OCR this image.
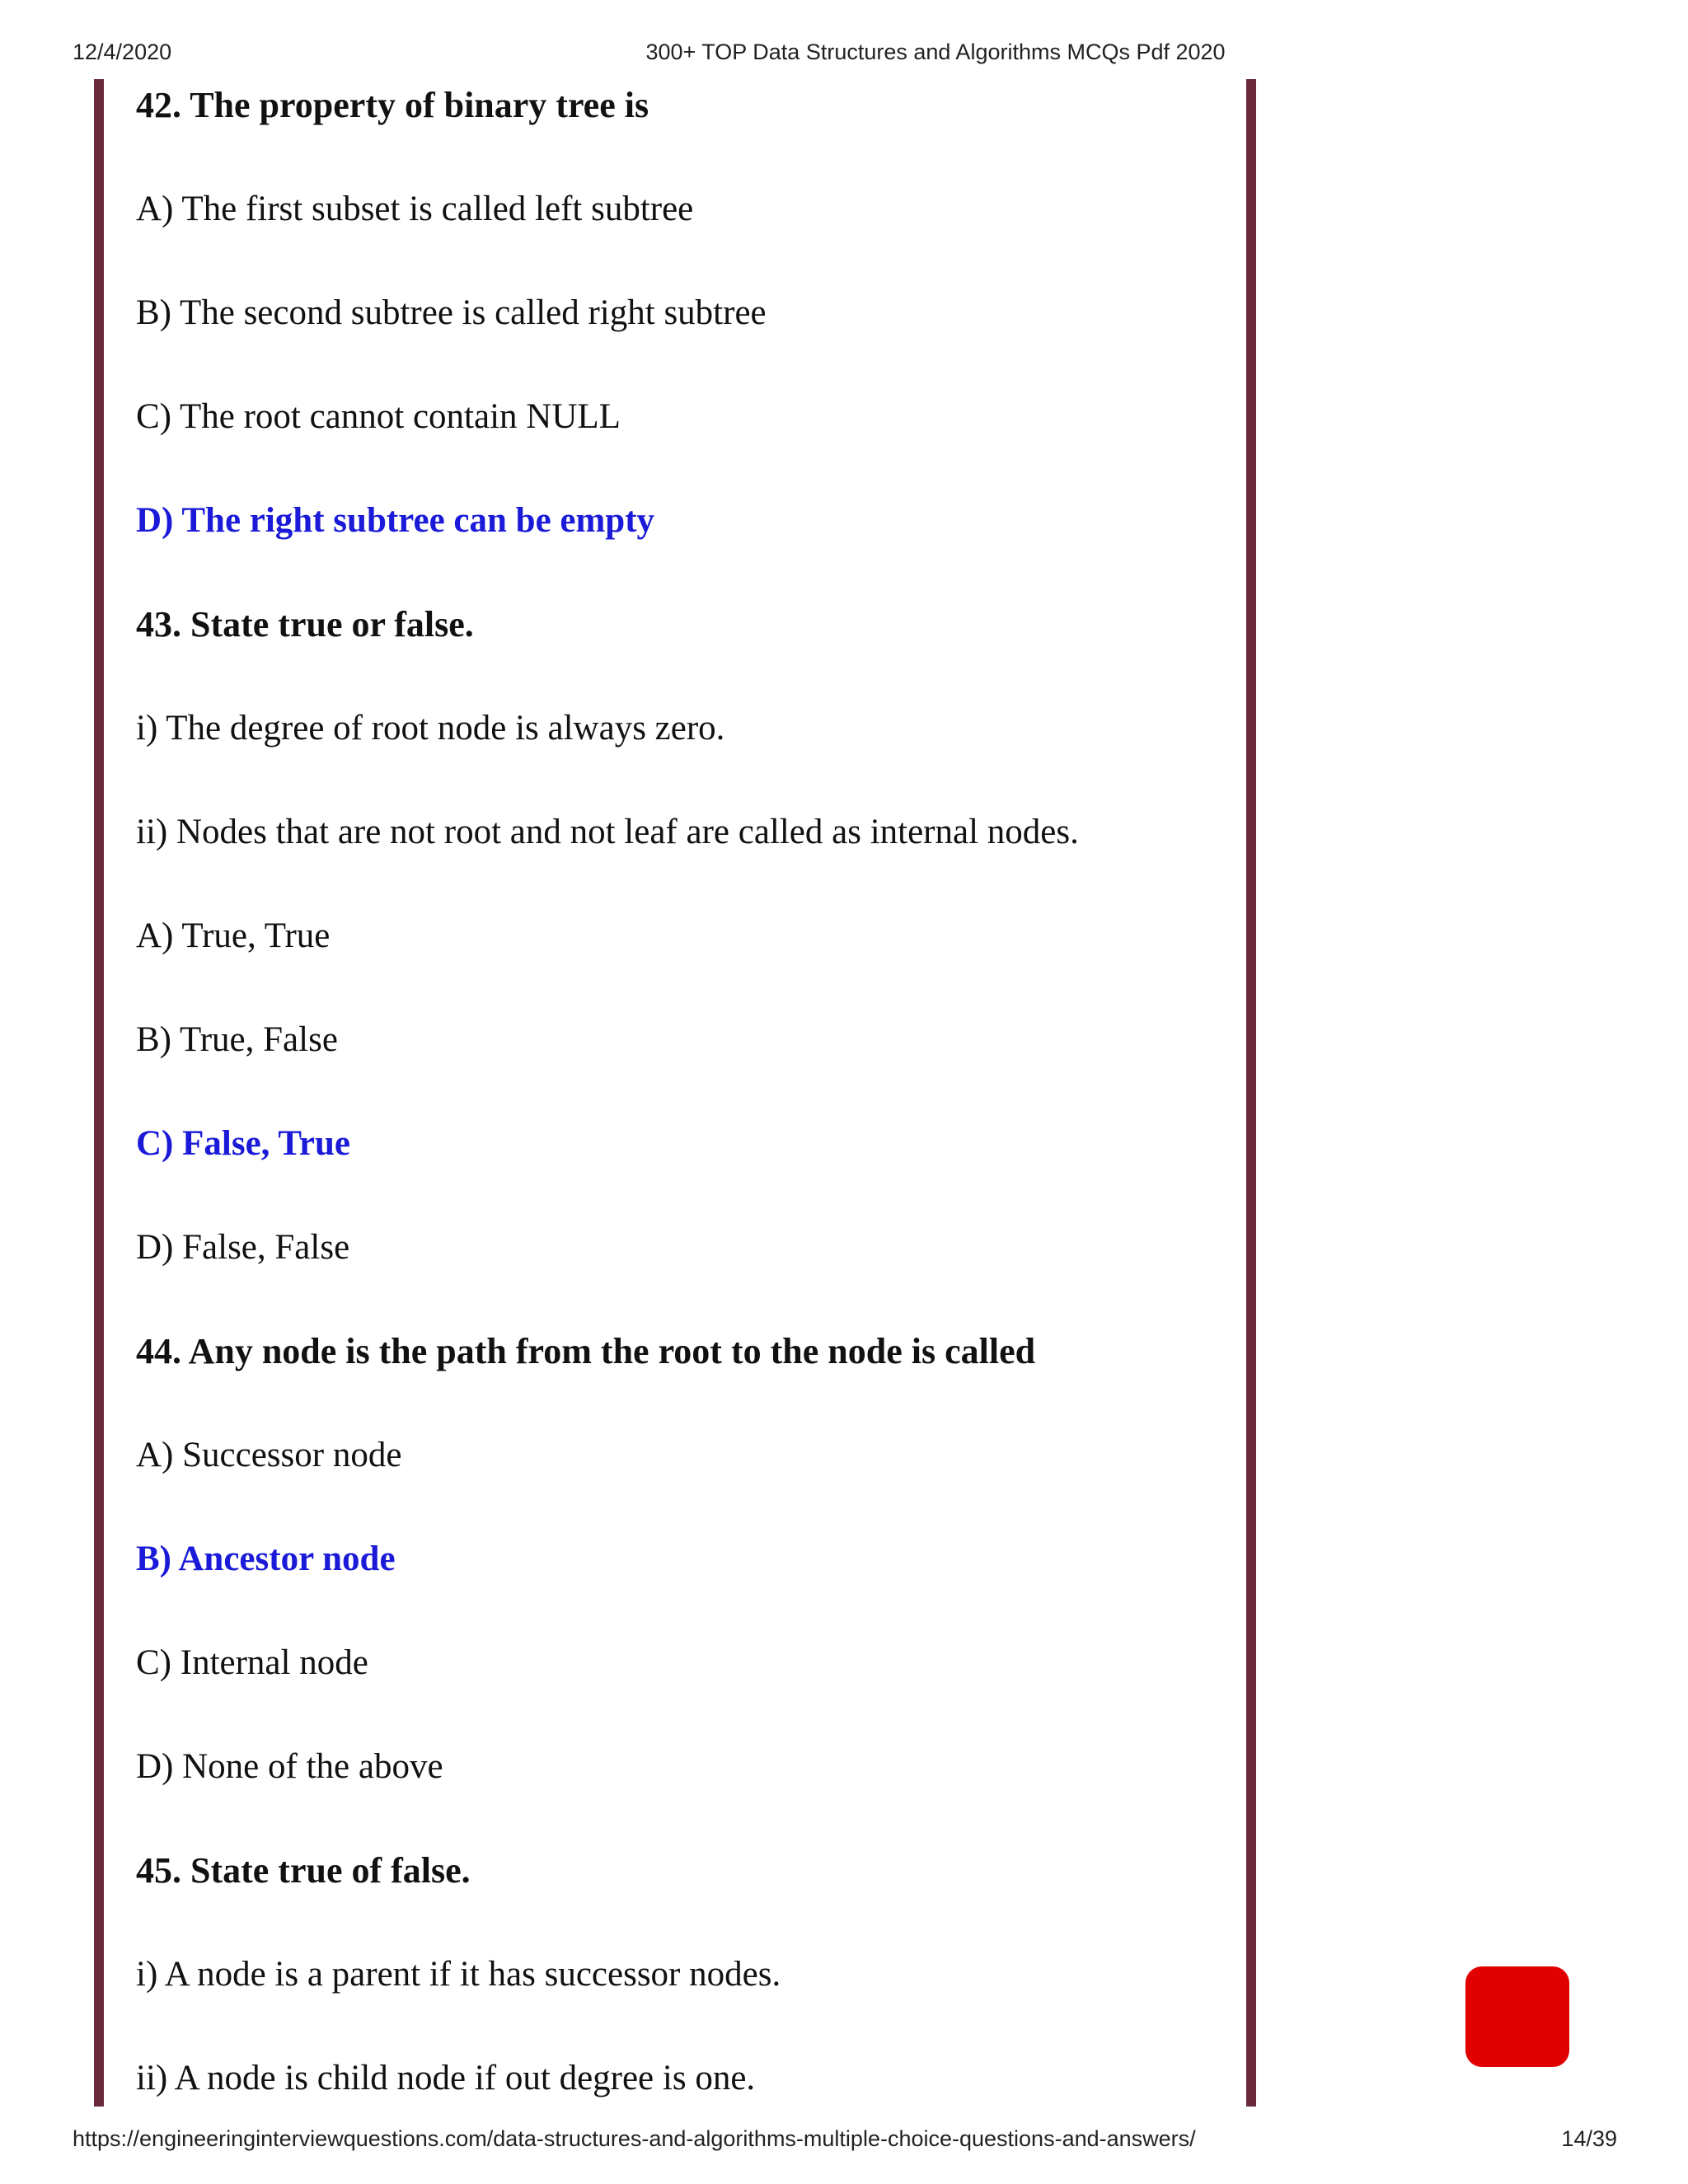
12/4/2020	300+ TOP Data Structures and Algorithms MCQs Pdf 2020
42. The property of binary tree is
A) The first subset is called left subtree
B) The second subtree is called right subtree
C) The root cannot contain NULL
D) The right subtree can be empty
43. State true or false.
i) The degree of root node is always zero.
ii) Nodes that are not root and not leaf are called as internal nodes.
A) True, True
B) True, False
C) False, True
D) False, False
44. Any node is the path from the root to the node is called
A) Successor node
B) Ancestor node
C) Internal node
D) None of the above
45. State true of false.
i) A node is a parent if it has successor nodes.
ii) A node is child node if out degree is one.
https://engineeringinterviewquestions.com/data-structures-and-algorithms-multiple-choice-questions-and-answers/	14/39
